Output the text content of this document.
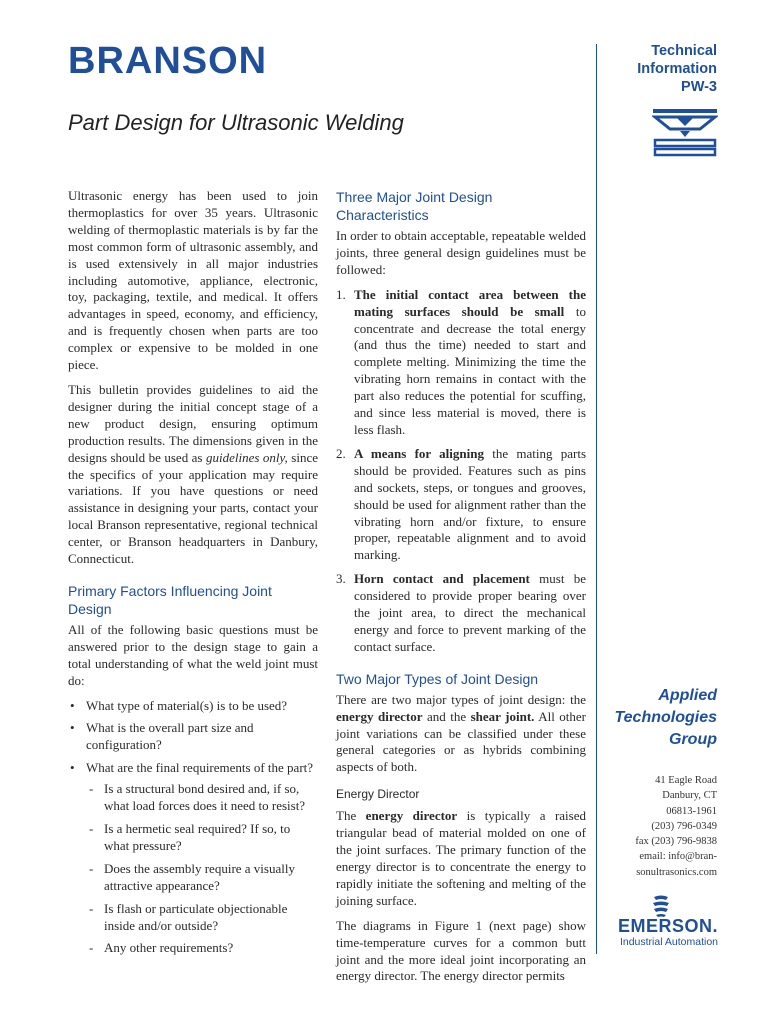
BRANSON
Part Design for Ultrasonic Welding
Technical
Information
PW-3

Ultrasonic energy has been used to join thermoplastics for over 35 years. Ultrasonic welding of thermoplastic materials is by far the most common form of ultrasonic assembly, and is used extensively in all major industries including automotive, appliance, electronic, toy, packaging, textile, and medical. It offers advantages in speed, economy, and efficiency, and is frequently chosen when parts are too complex or expensive to be molded in one piece.

This bulletin provides guidelines to aid the designer during the initial concept stage of a new product design, ensuring optimum production results. The dimensions given in the designs should be used as guidelines only, since the specifics of your application may require variations. If you have questions or need assistance in designing your parts, contact your local Branson representative, regional technical center, or Branson headquarters in Danbury, Connecticut.

Primary Factors Influencing Joint Design

All of the following basic questions must be answered prior to the design stage to gain a total understanding of what the weld joint must do:

• What type of material(s) is to be used?
• What is the overall part size and configuration?
• What are the final requirements of the part?
- Is a structural bond desired and, if so, what load forces does it need to resist?
- Is a hermetic seal required? If so, to what pressure?
- Does the assembly require a visually attractive appearance?
- Is flash or particulate objectionable inside and/or outside?
- Any other requirements?
Three Major Joint Design Characteristics

In order to obtain acceptable, repeatable welded joints, three general design guidelines must be followed:

1. The initial contact area between the mating surfaces should be small to concentrate and decrease the total energy (and thus the time) needed to start and complete melting. Minimizing the time the vibrating horn remains in contact with the part also reduces the potential for scuffing, and since less material is moved, there is less flash.
2. A means for aligning the mating parts should be provided. Features such as pins and sockets, steps, or tongues and grooves, should be used for alignment rather than the vibrating horn and/or fixture, to ensure proper, repeatable alignment and to avoid marking.
3. Horn contact and placement must be considered to provide proper bearing over the joint area, to direct the mechanical energy and force to prevent marking of the contact surface.
Two Major Types of Joint Design

There are two major types of joint design: the energy director and the shear joint. All other joint variations can be classified under these general categories or as hybrids combining aspects of both.

Energy Director

The energy director is typically a raised triangular bead of material molded on one of the joint surfaces. The primary function of the energy director is to concentrate the energy to rapidly initiate the softening and melting of the joining surface.

The diagrams in Figure 1 (next page) show time-temperature curves for a common butt joint and the more ideal joint incorporating an energy director. The energy director permits

Applied
Technologies
Group
41 Eagle Road
Danbury, CT
06813-1961
(203) 796-0349
fax (203) 796-9838
email: info@bran-
sonultrasonics.com
EMERSON.
Industrial Automation
